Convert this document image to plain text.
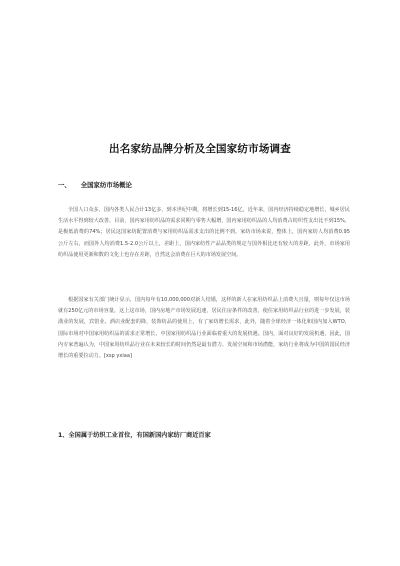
出名家纺品牌分析及全国家纺市场调查
一、 全国家纺市场概论

全国人口众多，国内各类人民合计13亿多，到本世纪中期，将增长到15-16亿，近年来，国内经济持续稳定地增长，城乡居民生活水平得到较大改善。目前，国内家用纺织品的需求同期与零售大幅增，国内家用纺织品的人均消费占纺织性支出比不到15%，是极低消费的74%；居民这国家纺配置消费与家用纺织品需求支出的比例不到。家纺市场来说，整体上，国内家纺人均消费0.95公斤左右，而国外人均消费1.5-2.0公斤以上，差距上，国内家纺性产品品类的规定与国外相比还有较大的差距，此外，市场家用纺织品使用更新和数的文化上也存在差距，自然这会消费在巨大的市场发展空间。

根据国家有关部门统计显示，国内每年有10,000,000对新人结婚，这样的新人在家用纺织品上消费大且量，则每年仅这市场就有250亿元的市场容量，这上这市场，国内房地产市场发展迅速，居民住房条件的改善，使住家用纺织品行业的进一步发展，装潢业的发展，宾馆业、酒店业配套的降，装饰纺品的使用上，有了家纺增长需求，此外，随着全球经济一体化和国内加入WTO，国际市场对中国家用纺织品的需求正常增长，中国家用纺织品行业面临着重大的发展机遇。国内，面对良好的发展机遇，因此，国内专家普遍认为，中国家用纺织品行业在未来较长的时间仍然是最有潜力、发展空间和市场潜能，家纺行业将成为中国的国民经济增长的重要拉动力。[xsp yxiaa]

1、全国属于纺织工业首位，有国新国内家纺厂商近百家
